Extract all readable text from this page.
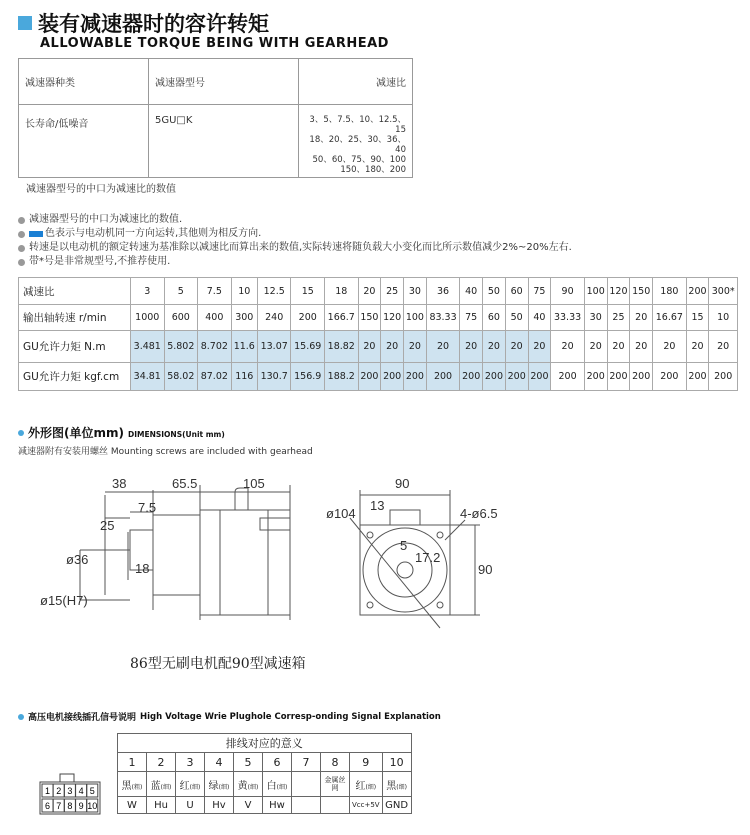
装有减速器时的容许转矩
ALLOWABLE TORQUE BEING WITH GEARHEAD
减速器种类	减速器型号	减速比
长寿命/低噪音	5GU□K	3、5、7.5、10、12.5、15
18、20、25、30、36、40
50、60、75、90、100
150、180、200
减速器型号的中口为减速比的数值
减速器型号的中口为减速比的数值.
色表示与电动机同一方向运转,其他则为相反方向.
转速是以电动机的额定转速为基准除以减速比而算出来的数值,实际转速将随负载大小变化而比所示数值减少2%~20%左右.
带*号是非常规型号,不推荐使用.
减速比	3	5	7.5	10	12.5	15	18	20	25	30	36	40	50	60	75	90	100	120	150	180	200	300*
输出轴转速 r/min	1000	600	400	300	240	200	166.7	150	120	100	83.33	75	60	50	40	33.33	30	25	20	16.67	15	10
GU允许力矩 N.m	3.481	5.802	8.702	11.6	13.07	15.69	18.82	20	20	20	20	20	20	20	20	20	20	20	20	20	20	20
GU允许力矩 kgf.cm	34.81	58.02	87.02	116	130.7	156.9	188.2	200	200	200	200	200	200	200	200	200	200	200	200	200	200	200
外形图(单位mm) DIMENSIONS(Unit mm)
减速器附有安装用螺丝 Mounting screws are included with gearhead
38	65.5	105
7.5
25
ø36
18
ø15(H7)
90
13
ø104	4-ø6.5
5
17.2
90
86型无刷电机配90型减速箱
高压电机接线插孔信号说明 High Voltage Wrie Plughole Corresp-onding Signal Explanation
排线对应的意义									
1	2	3	4	5	6	7	8	9	10
黑(粗)	蓝(细)	红(细)	绿(细)	黄(细)	白(细)		金属丝网	红(细)	黑(细)
W	Hu	U	Hv	V	Hw			Vcc+5V	GND
1 2 3 4 5
6 7 8 9 10
